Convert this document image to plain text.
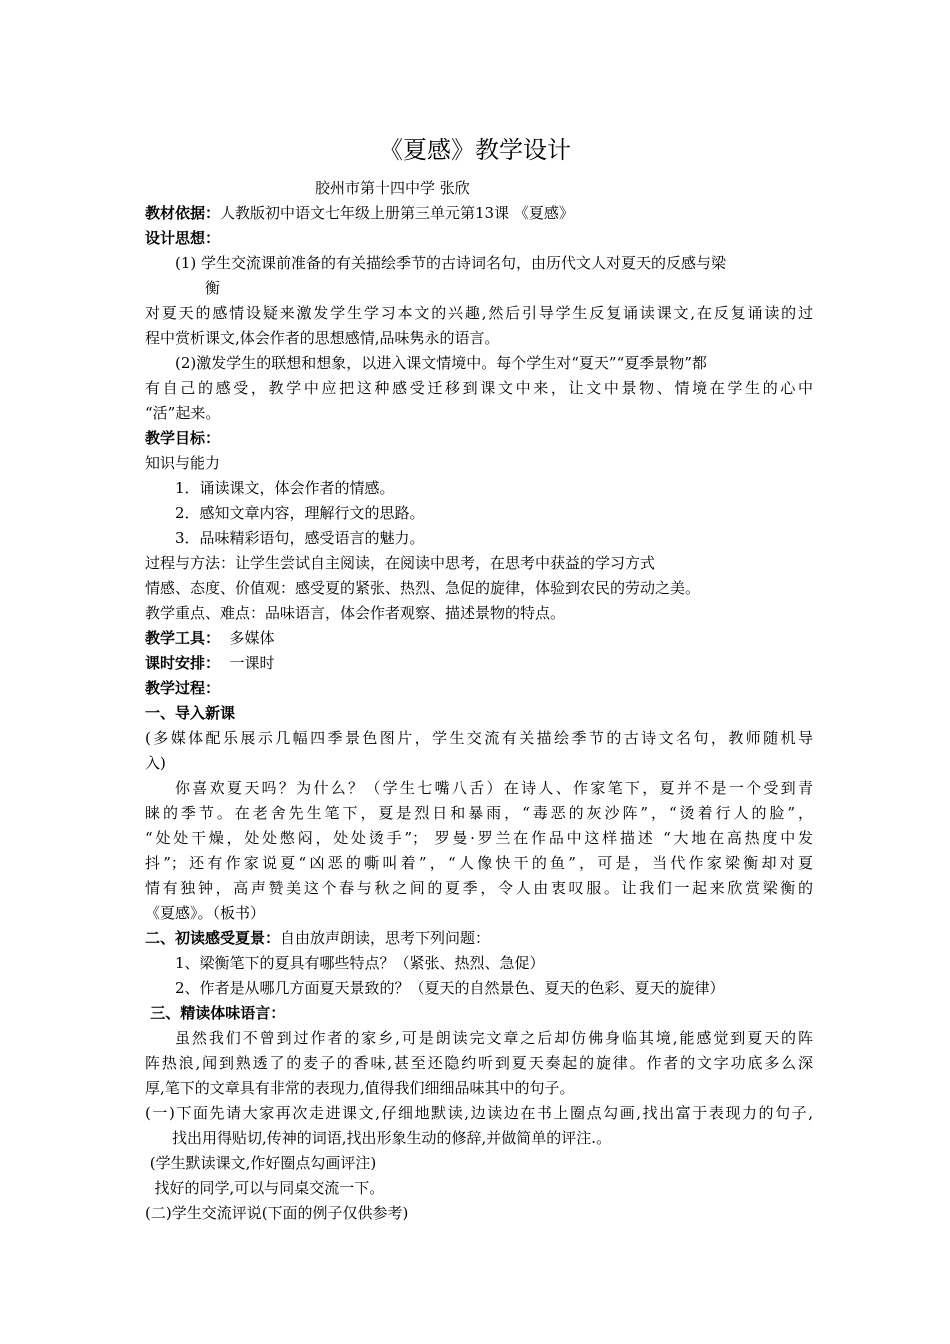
《夏感》教学设计
胶州市第十四中学 张欣
教材依据：人教版初中语文七年级上册第三单元第13课 《夏感》
设计思想：
(1) 学生交流课前准备的有关描绘季节的古诗词名句，由历代文人对夏天的反感与梁
衡
对夏天的感情设疑来激发学生学习本文的兴趣,然后引导学生反复诵读课文,在反复诵读的过
程中赏析课文,体会作者的思想感情,品味隽永的语言。
(2)激发学生的联想和想象，以进入课文情境中。每个学生对“夏天”“夏季景物”都
有自己的感受，教学中应把这种感受迁移到课文中来，让文中景物、情境在学生的心中
“活”起来。
教学目标：
知识与能力
1．诵读课文，体会作者的情感。
2．感知文章内容，理解行文的思路。
3．品味精彩语句，感受语言的魅力。
过程与方法：让学生尝试自主阅读，在阅读中思考，在思考中获益的学习方式
情感、态度、价值观：感受夏的紧张、热烈、急促的旋律，体验到农民的劳动之美。
教学重点、难点：品味语言，体会作者观察、描述景物的特点。
教学工具：  多媒体
课时安排：  一课时
教学过程：
一、导入新课
(多媒体配乐展示几幅四季景色图片，学生交流有关描绘季节的古诗文名句，教师随机导
入)
你喜欢夏天吗？为什么？（学生七嘴八舌）在诗人、作家笔下，夏并不是一个受到青
睐的季节。在老舍先生笔下，夏是烈日和暴雨，“毒恶的灰沙阵”，“烫着行人的脸”，
“处处干燥，处处憋闷，处处烫手”； 罗曼·罗兰在作品中这样描述 “大地在高热度中发
抖”；还有作家说夏“凶恶的嘶叫着”，“人像快干的鱼”，可是，当代作家梁衡却对夏
情有独钟，高声赞美这个春与秋之间的夏季，令人由衷叹服。让我们一起来欣赏梁衡的
《夏感》。（板书）
二、初读感受夏景：自由放声朗读，思考下列问题：
1、梁衡笔下的夏具有哪些特点？（紧张、热烈、急促）
2、作者是从哪几方面夏天景致的？（夏天的自然景色、夏天的色彩、夏天的旋律）
三、精读体味语言：
虽然我们不曾到过作者的家乡,可是朗读完文章之后却仿佛身临其境,能感觉到夏天的阵
阵热浪,闻到熟透了的麦子的香味,甚至还隐约听到夏天奏起的旋律。作者的文字功底多么深
厚,笔下的文章具有非常的表现力,值得我们细细品味其中的句子。
(一)下面先请大家再次走进课文,仔细地默读,边读边在书上圈点勾画,找出富于表现力的句子,
找出用得贴切,传神的词语,找出形象生动的修辞,并做简单的评注.。
(学生默读课文,作好圈点勾画评注)
找好的同学,可以与同桌交流一下。
(二)学生交流评说(下面的例子仅供参考)
